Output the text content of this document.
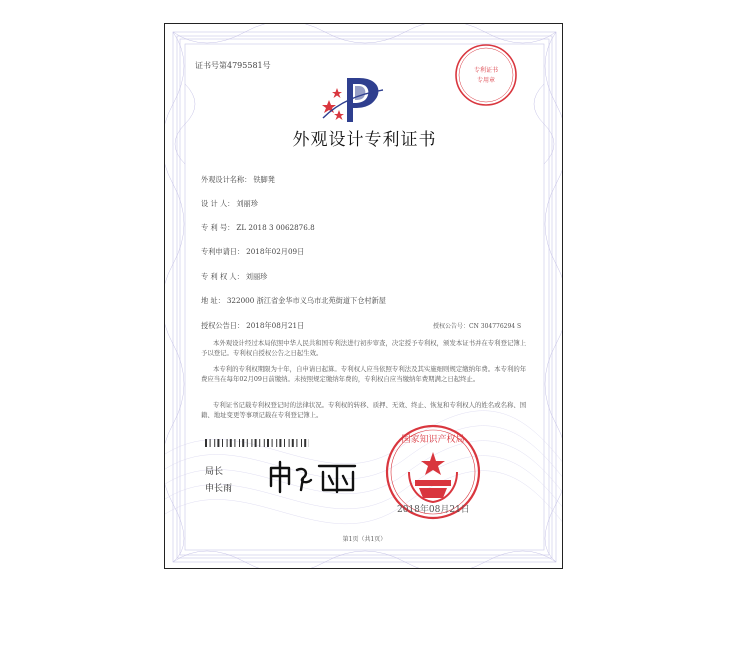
证书号第4795581号
专利证书
专用章
外观设计专利证书
外观设计名称： 铁脚凳
设 计 人： 刘丽珍
专 利 号： ZL 2018 3 0062876.8
专利申请日： 2018年02月09日
专 利 权 人： 刘丽珍
地 址： 322000 浙江省金华市义乌市北苑街道下仓村新屋
授权公告日： 2018年08月21日	授权公告号：CN 304776294 S
本外观设计经过本局依照中华人民共和国专利法进行初步审查，决定授予专利权，颁发本证书并在专利登记簿上予以登记。专利权自授权公告之日起生效。
本专利的专利权期限为十年，自申请日起算。专利权人应当依照专利法及其实施细则规定缴纳年费。本专利的年费应当在每年02月09日前缴纳。未按照规定缴纳年费的，专利权自应当缴纳年费期满之日起终止。
专利证书记载专利权登记时的法律状况。专利权的转移、质押、无效、终止、恢复和专利权人的姓名或名称、国籍、地址变更等事项记载在专利登记簿上。
局长
申长雨
国家知识产权局
2018年08月21日
第1页（共1页）
